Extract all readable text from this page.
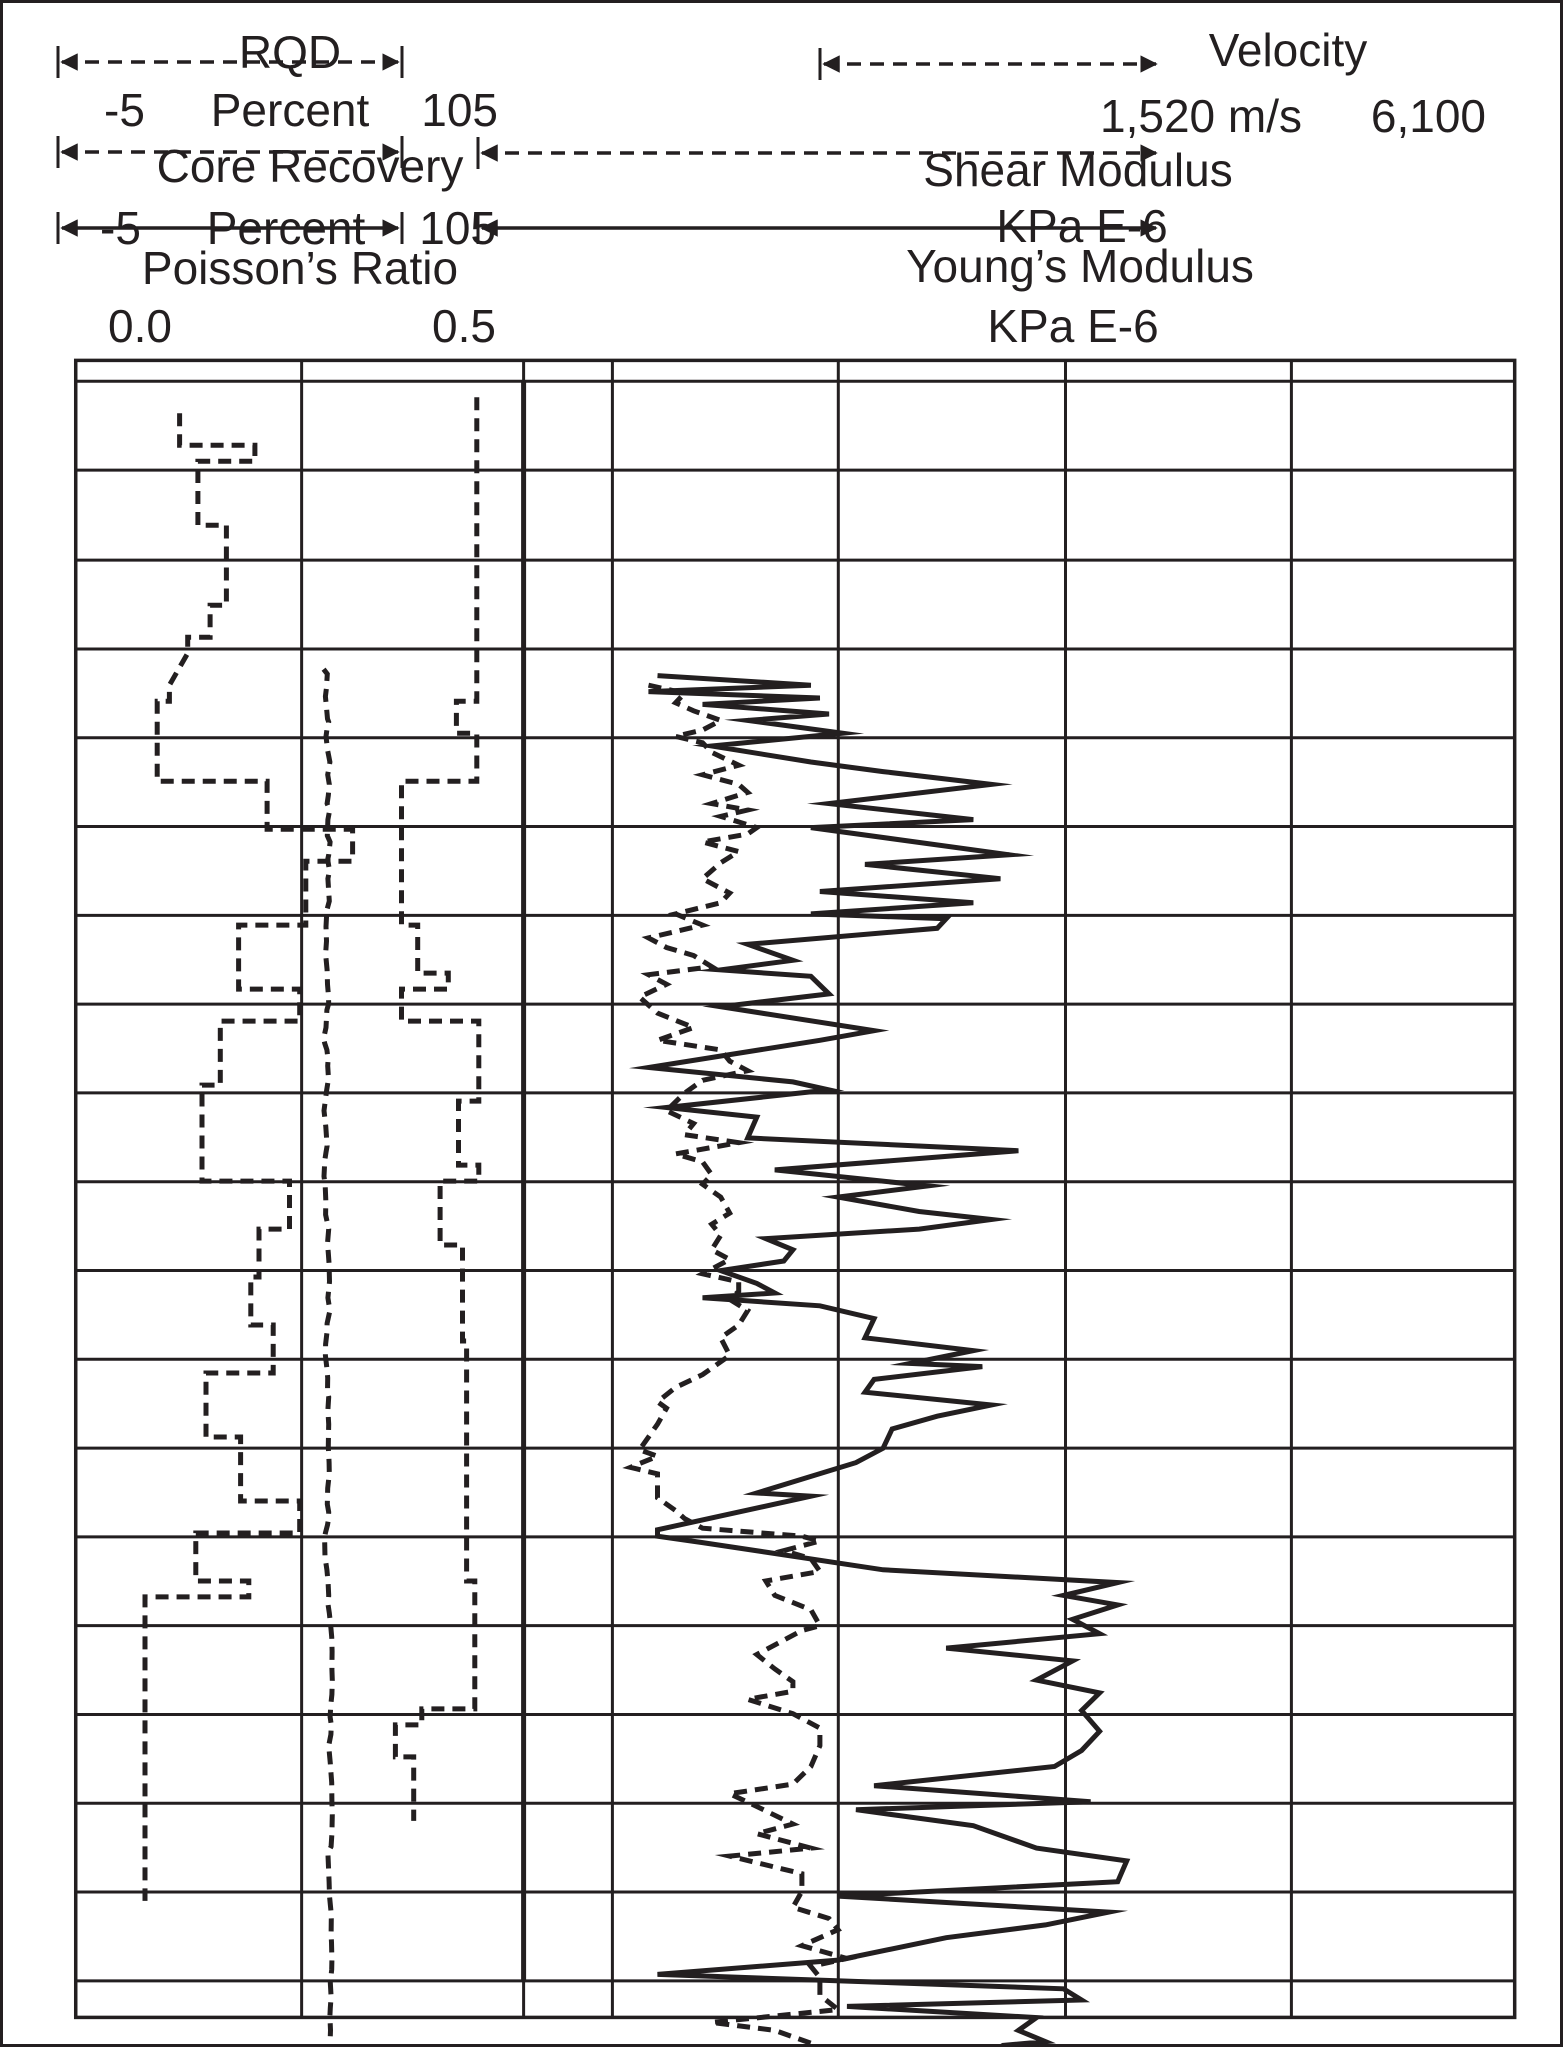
RQD
-5 Percent 105
Core Recovery
-5 Percent 105
Poisson’s Ratio
0.0	0.5
Velocity
1,520 m/s 6,100
Shear Modulus
KPa E-6
Young’s Modulus
KPa E-6
